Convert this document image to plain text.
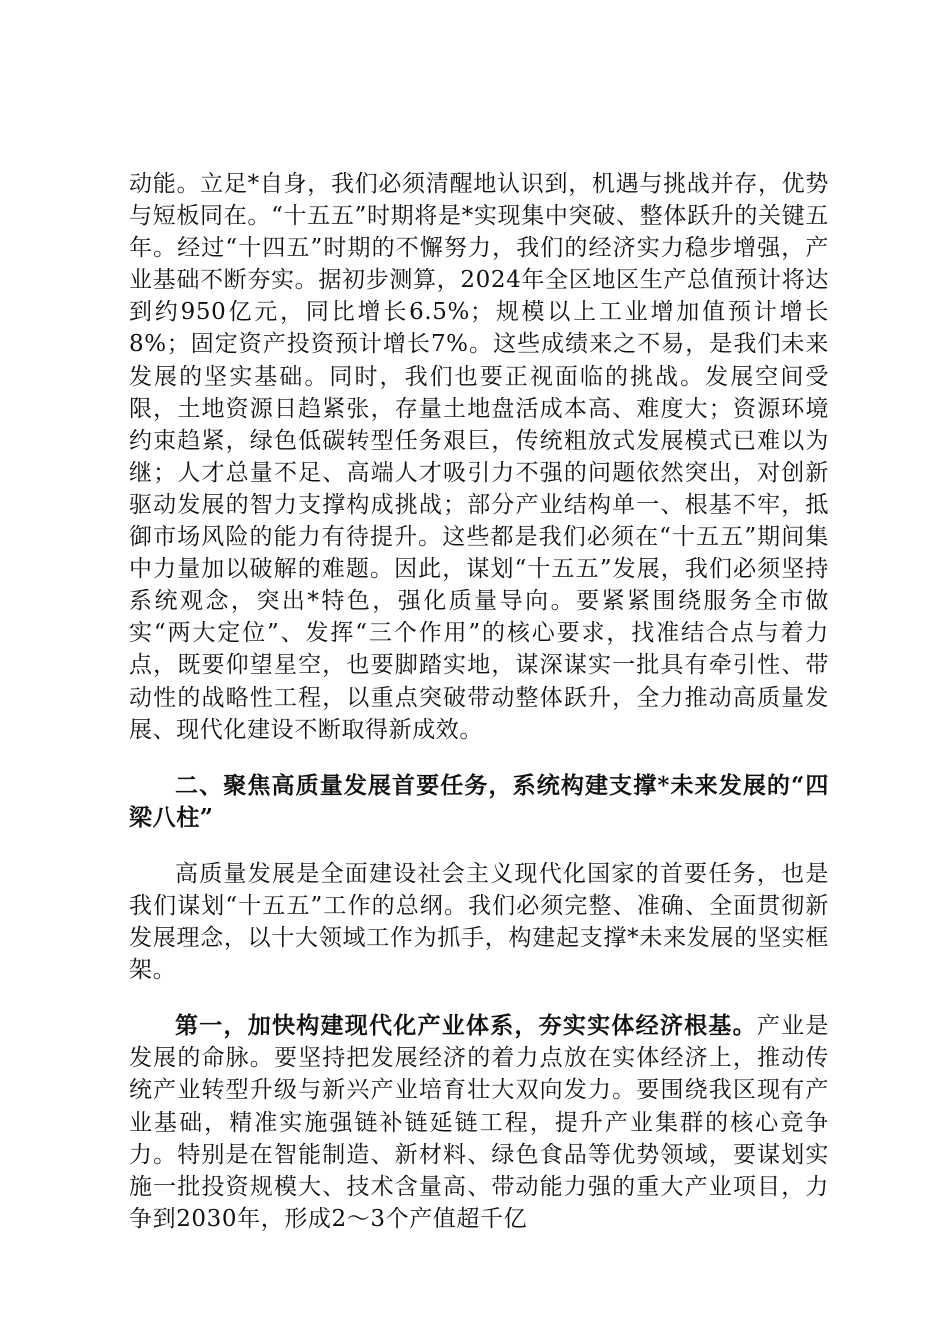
动能。立足*自身，我们必须清醒地认识到，机遇与挑战并存，优势与短板同在。“十五五”时期将是*实现集中突破、整体跃升的关键五年。经过“十四五”时期的不懈努力，我们的经济实力稳步增强，产业基础不断夯实。据初步测算，2024年全区地区生产总值预计将达到约950亿元，同比增长6.5%；规模以上工业增加值预计增长8%；固定资产投资预计增长7%。这些成绩来之不易，是我们未来发展的坚实基础。同时，我们也要正视面临的挑战。发展空间受限，土地资源日趋紧张，存量土地盘活成本高、难度大；资源环境约束趋紧，绿色低碳转型任务艰巨，传统粗放式发展模式已难以为继；人才总量不足、高端人才吸引力不强的问题依然突出，对创新驱动发展的智力支撑构成挑战；部分产业结构单一、根基不牢，抵御市场风险的能力有待提升。这些都是我们必须在“十五五”期间集中力量加以破解的难题。因此，谋划“十五五”发展，我们必须坚持系统观念，突出*特色，强化质量导向。要紧紧围绕服务全市做实“两大定位”、发挥“三个作用”的核心要求，找准结合点与着力点，既要仰望星空，也要脚踏实地，谋深谋实一批具有牵引性、带动性的战略性工程，以重点突破带动整体跃升，全力推动高质量发展、现代化建设不断取得新成效。

二、聚焦高质量发展首要任务，系统构建支撑*未来发展的“四梁八柱”

高质量发展是全面建设社会主义现代化国家的首要任务，也是我们谋划“十五五”工作的总纲。我们必须完整、准确、全面贯彻新发展理念，以十大领域工作为抓手，构建起支撑*未来发展的坚实框架。

第一，加快构建现代化产业体系，夯实实体经济根基。产业是发展的命脉。要坚持把发展经济的着力点放在实体经济上，推动传统产业转型升级与新兴产业培育壮大双向发力。要围绕我区现有产业基础，精准实施强链补链延链工程，提升产业集群的核心竞争力。特别是在智能制造、新材料、绿色食品等优势领域，要谋划实施一批投资规模大、技术含量高、带动能力强的重大产业项目，力争到2030年，形成2～3个产值超千亿
